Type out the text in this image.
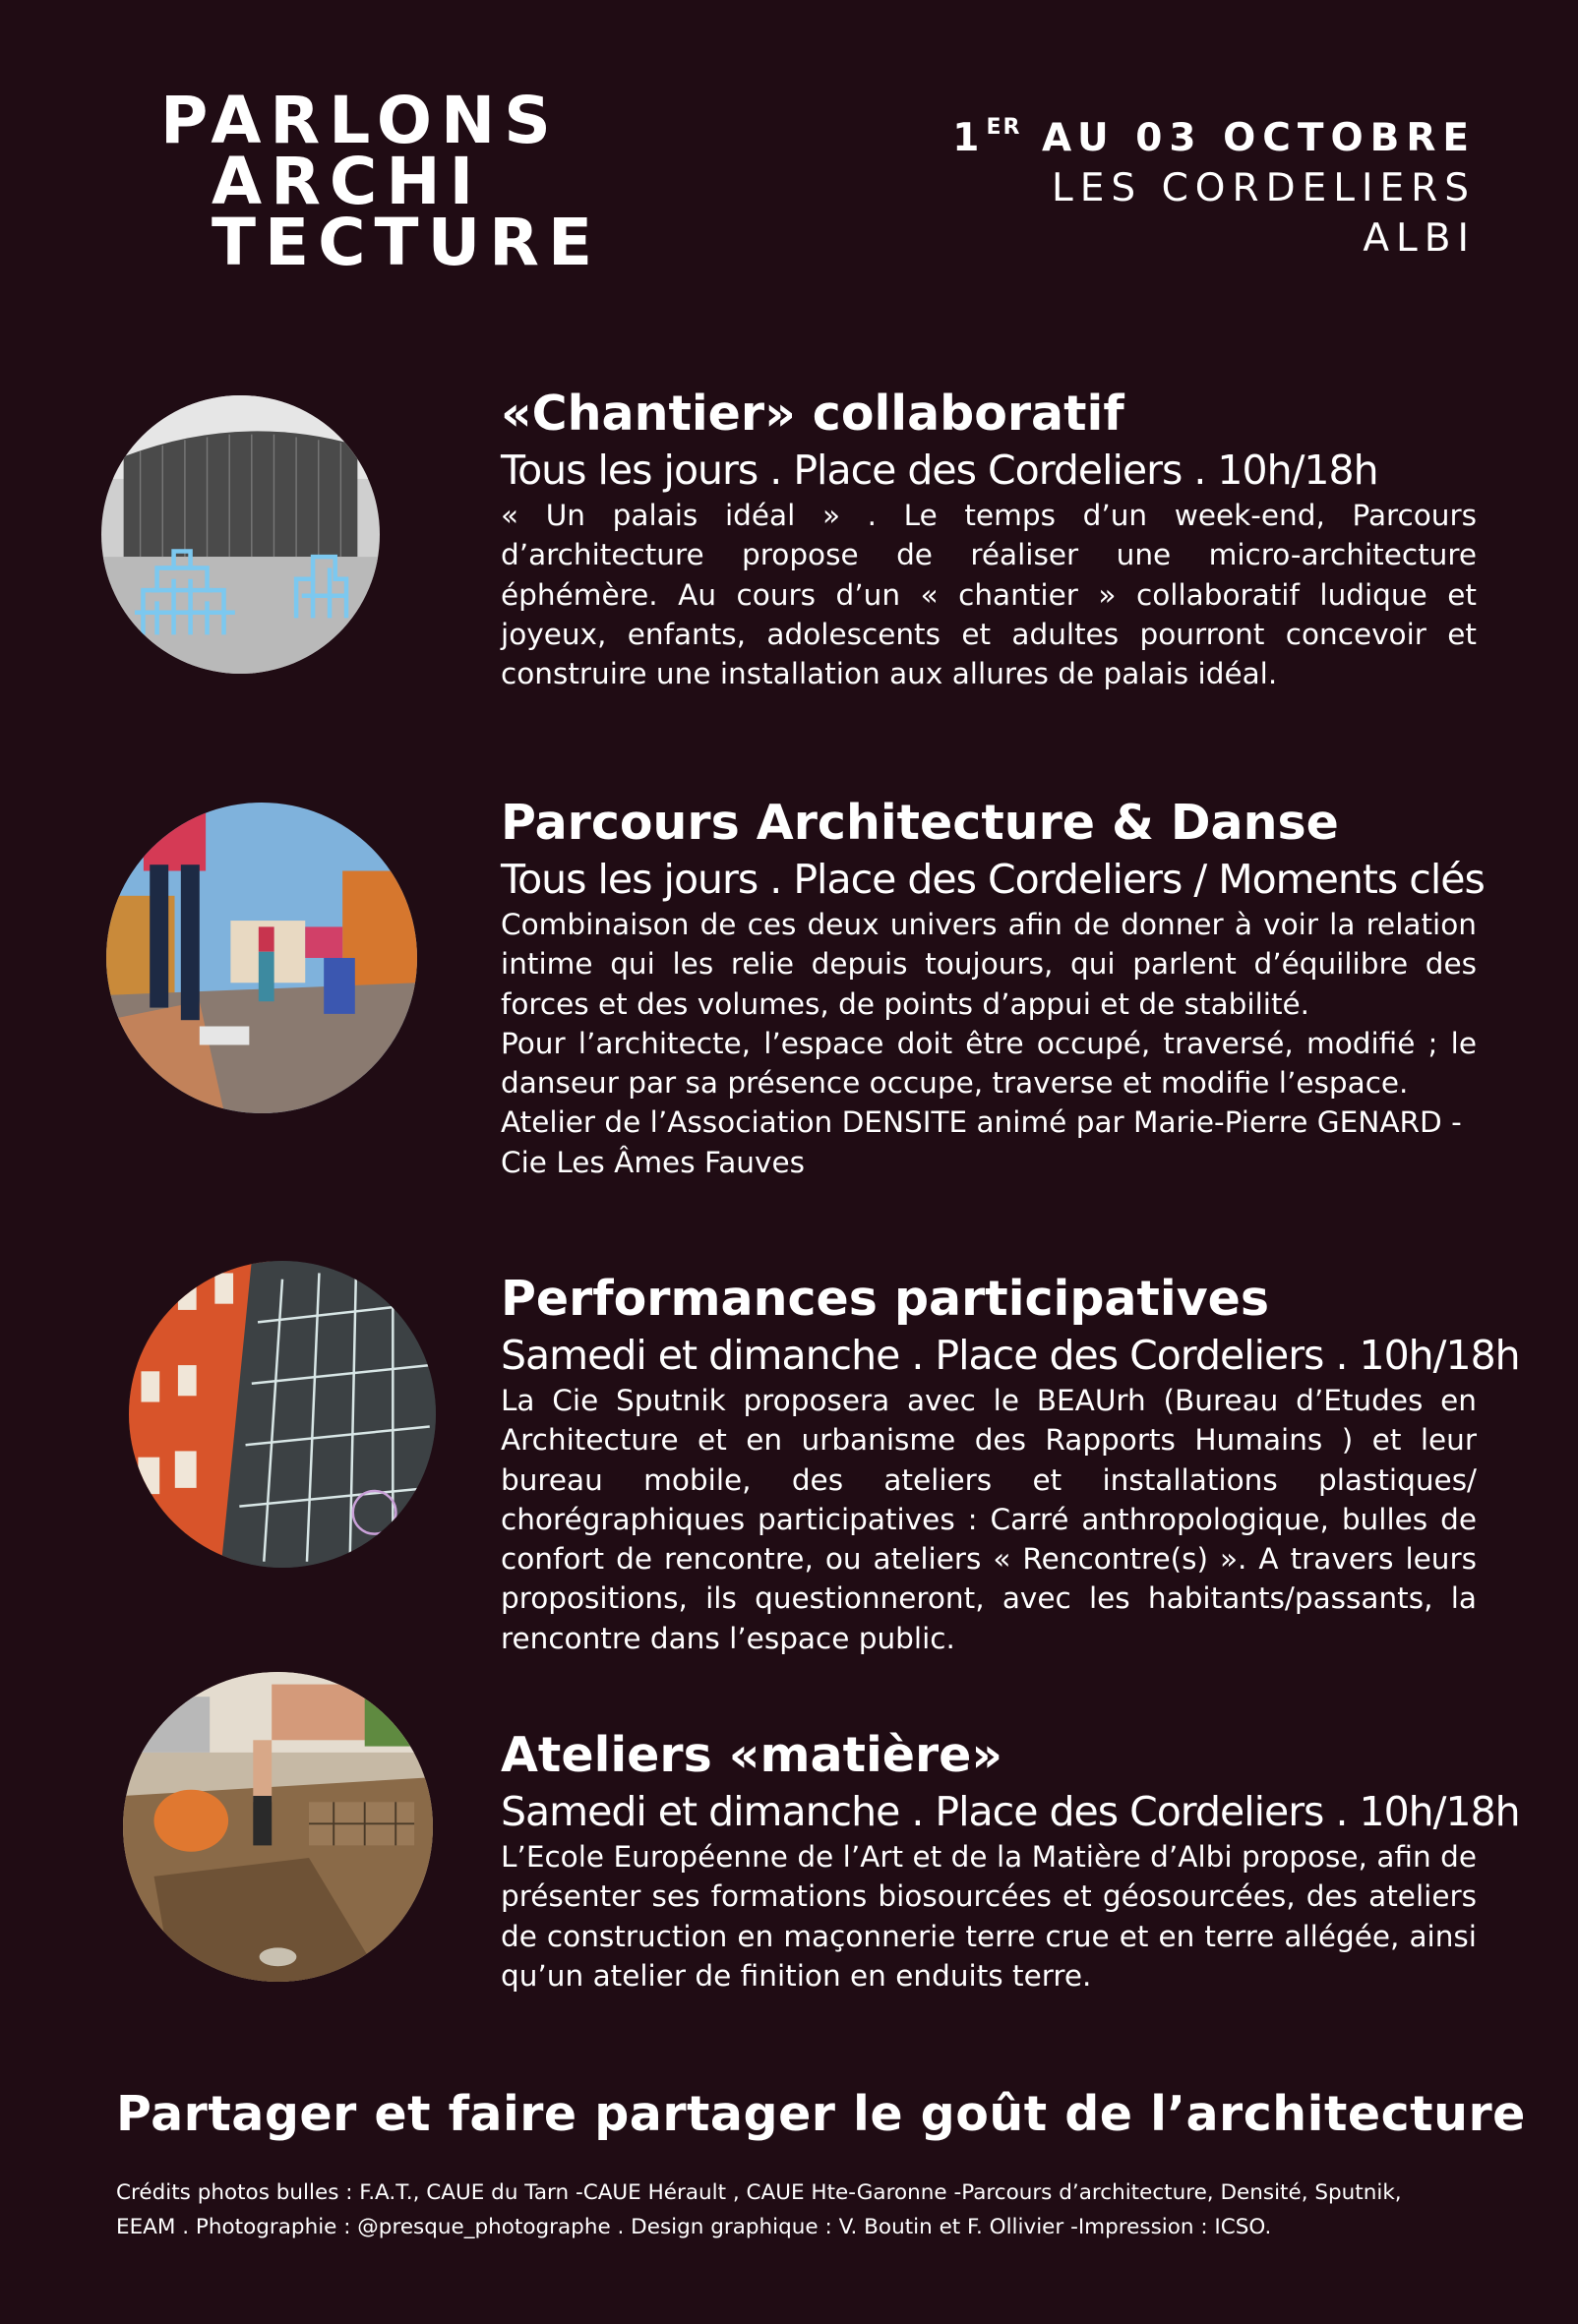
PARLONS
ARCHI
TECTURE
1ER AU 03 OCTOBRE
LES CORDELIERS
ALBI
«Chantier» collaboratif
Tous les jours . Place des Cordeliers . 10h/18h

« Un palais idéal » . Le temps d’un week-end, Parcours d’architecture propose de réaliser une micro-architecture éphémère. Au cours d’un « chantier » collaboratif ludique et joyeux, enfants, adolescents et adultes pourront concevoir et construire une installation aux allures de palais idéal.

Parcours Architecture & Danse
Tous les jours . Place des Cordeliers / Moments clés

Combinaison de ces deux univers afin de donner à voir la relation intime qui les relie depuis toujours, qui parlent d’équilibre des forces et des volumes, de points d’appui et de stabilité.

Pour l’architecte, l’espace doit être occupé, traversé, modifié ; le danseur par sa présence occupe, traverse et modifie l’espace.

Atelier de l’Association DENSITE animé par Marie-Pierre GENARD - Cie Les Âmes Fauves

Performances participatives
Samedi et dimanche . Place des Cordeliers . 10h/18h

La Cie Sputnik proposera avec le BEAUrh (Bureau d’Etudes en Architecture et en urbanisme des Rapports Humains ) et leur bureau mobile, des ateliers et installations plastiques/ chorégraphiques participatives : Carré anthropologique, bulles de confort de rencontre, ou ateliers « Rencontre(s) ». A travers leurs propositions, ils questionneront, avec les habitants/passants, la rencontre dans l’espace public.

Ateliers «matière»
Samedi et dimanche . Place des Cordeliers . 10h/18h

L’Ecole Européenne de l’Art et de la Matière d’Albi propose, afin de présenter ses formations biosourcées et géosourcées, des ateliers de construction en maçonnerie terre crue et en terre allégée, ainsi qu’un atelier de finition en enduits terre.

Partager et faire partager le goût de l’architecture
Crédits photos bulles : F.A.T., CAUE du Tarn -CAUE Hérault , CAUE Hte-Garonne -Parcours d’architecture, Densité, Sputnik,
EEAM . Photographie : @presque_photographe . Design graphique : V. Boutin et F. Ollivier -Impression : ICSO.
